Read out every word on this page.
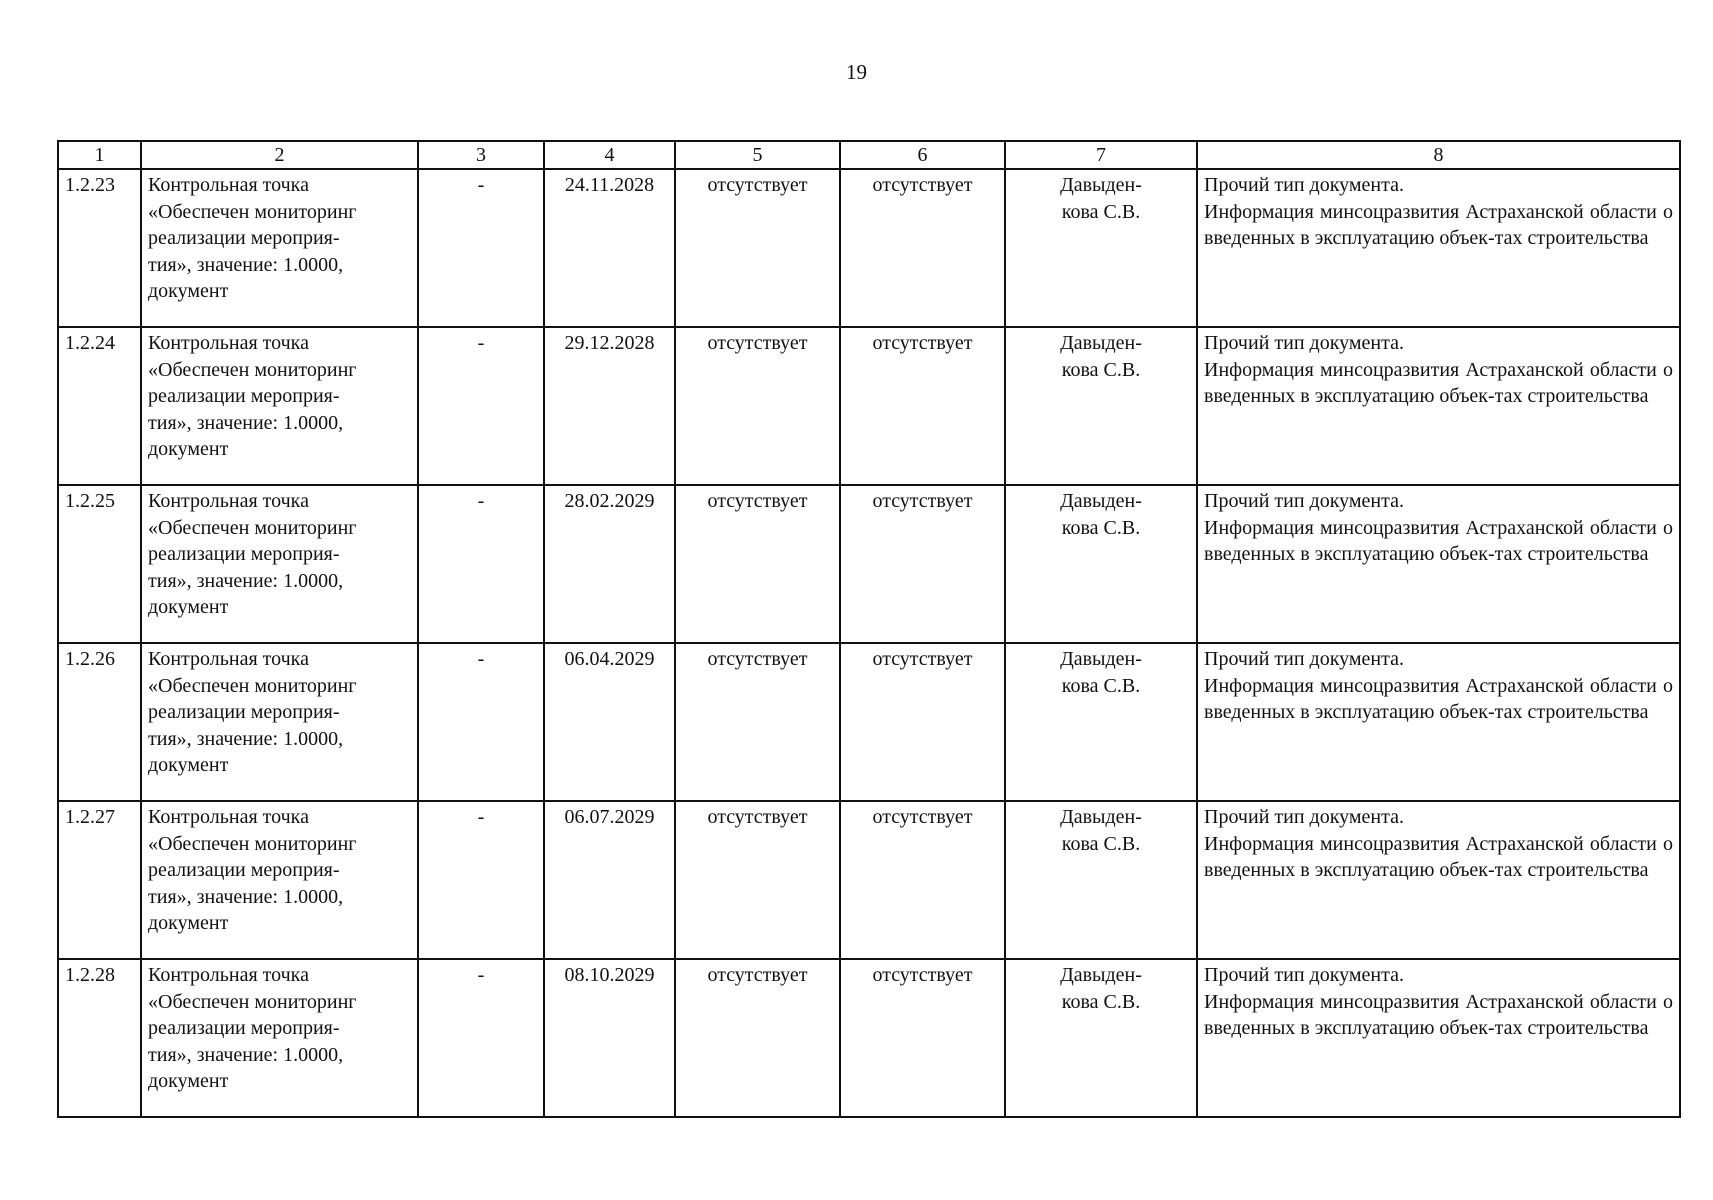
19
1	2	3	4	5	6	7	8
1.2.23	Контрольная точка
«Обеспечен мониторинг
реализации мероприя-
тия», значение: 1.0000,
документ	-	24.11.2028	отсутствует	отсутствует	Давыден-
кова С.В.	Прочий тип документа.
Информация минсоцразвития Астраханской области о введенных в эксплуатацию объек-тах строительства

1.2.24	Контрольная точка
«Обеспечен мониторинг
реализации мероприя-
тия», значение: 1.0000,
документ	-	29.12.2028	отсутствует	отсутствует	Давыден-
кова С.В.	Прочий тип документа.
Информация минсоцразвития Астраханской области о введенных в эксплуатацию объек-тах строительства

1.2.25	Контрольная точка
«Обеспечен мониторинг
реализации мероприя-
тия», значение: 1.0000,
документ	-	28.02.2029	отсутствует	отсутствует	Давыден-
кова С.В.	Прочий тип документа.
Информация минсоцразвития Астраханской области о введенных в эксплуатацию объек-тах строительства

1.2.26	Контрольная точка
«Обеспечен мониторинг
реализации мероприя-
тия», значение: 1.0000,
документ	-	06.04.2029	отсутствует	отсутствует	Давыден-
кова С.В.	Прочий тип документа.
Информация минсоцразвития Астраханской области о введенных в эксплуатацию объек-тах строительства

1.2.27	Контрольная точка
«Обеспечен мониторинг
реализации мероприя-
тия», значение: 1.0000,
документ	-	06.07.2029	отсутствует	отсутствует	Давыден-
кова С.В.	Прочий тип документа.
Информация минсоцразвития Астраханской области о введенных в эксплуатацию объек-тах строительства

1.2.28	Контрольная точка
«Обеспечен мониторинг
реализации мероприя-
тия», значение: 1.0000,
документ	-	08.10.2029	отсутствует	отсутствует	Давыден-
кова С.В.	Прочий тип документа.
Информация минсоцразвития Астраханской области о введенных в эксплуатацию объек-тах строительства
